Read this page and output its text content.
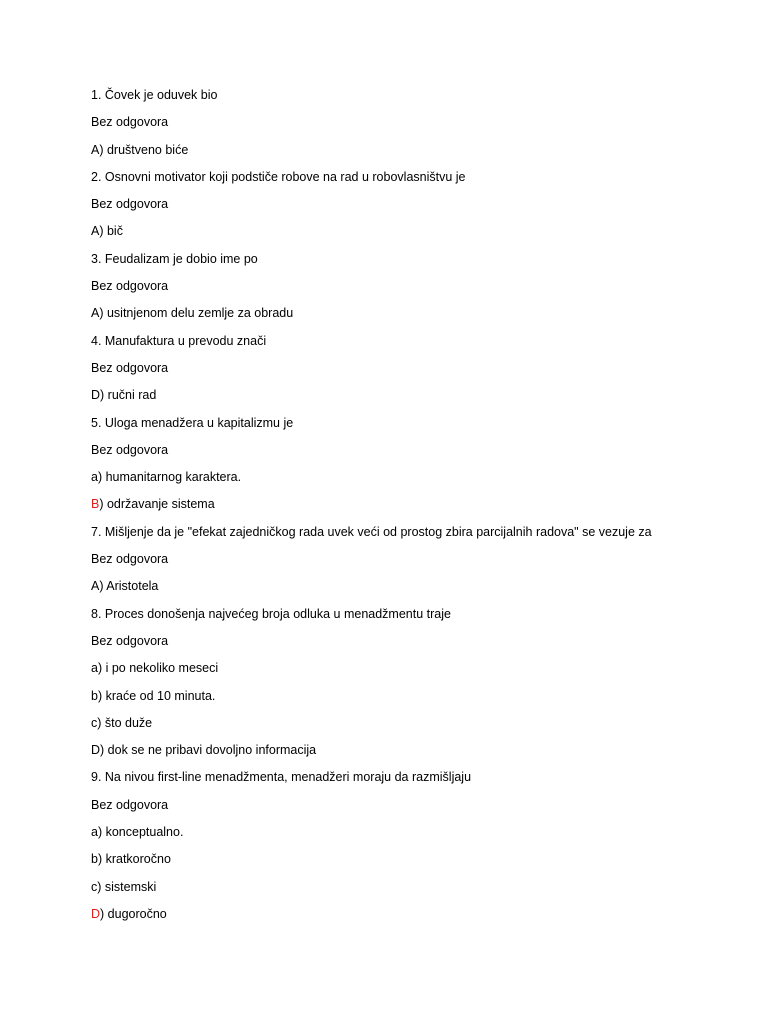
1. Čovek je oduvek bio
Bez odgovora
A) društveno biće
2. Osnovni motivator koji podstiče robove na rad u robovlasništvu je
Bez odgovora
A) bič
3. Feudalizam je dobio ime po
Bez odgovora
A) usitnjenom delu zemlje za obradu
4. Manufaktura u prevodu znači
Bez odgovora
D) ručni rad
5. Uloga menadžera u kapitalizmu je
Bez odgovora
a) humanitarnog karaktera.
B) održavanje sistema
7. Mišljenje da je "efekat zajedničkog rada uvek veći od prostog zbira parcijalnih radova" se vezuje za
Bez odgovora
A) Aristotela
8. Proces donošenja najvećeg broja odluka u menadžmentu traje
Bez odgovora
a) i po nekoliko meseci
b) kraće od 10 minuta.
c) što duže
D) dok se ne pribavi dovoljno informacija
9. Na nivou first-line menadžmenta, menadžeri moraju da razmišljaju
Bez odgovora
a) konceptualno.
b) kratkoročno
c) sistemski
D) dugoročno
